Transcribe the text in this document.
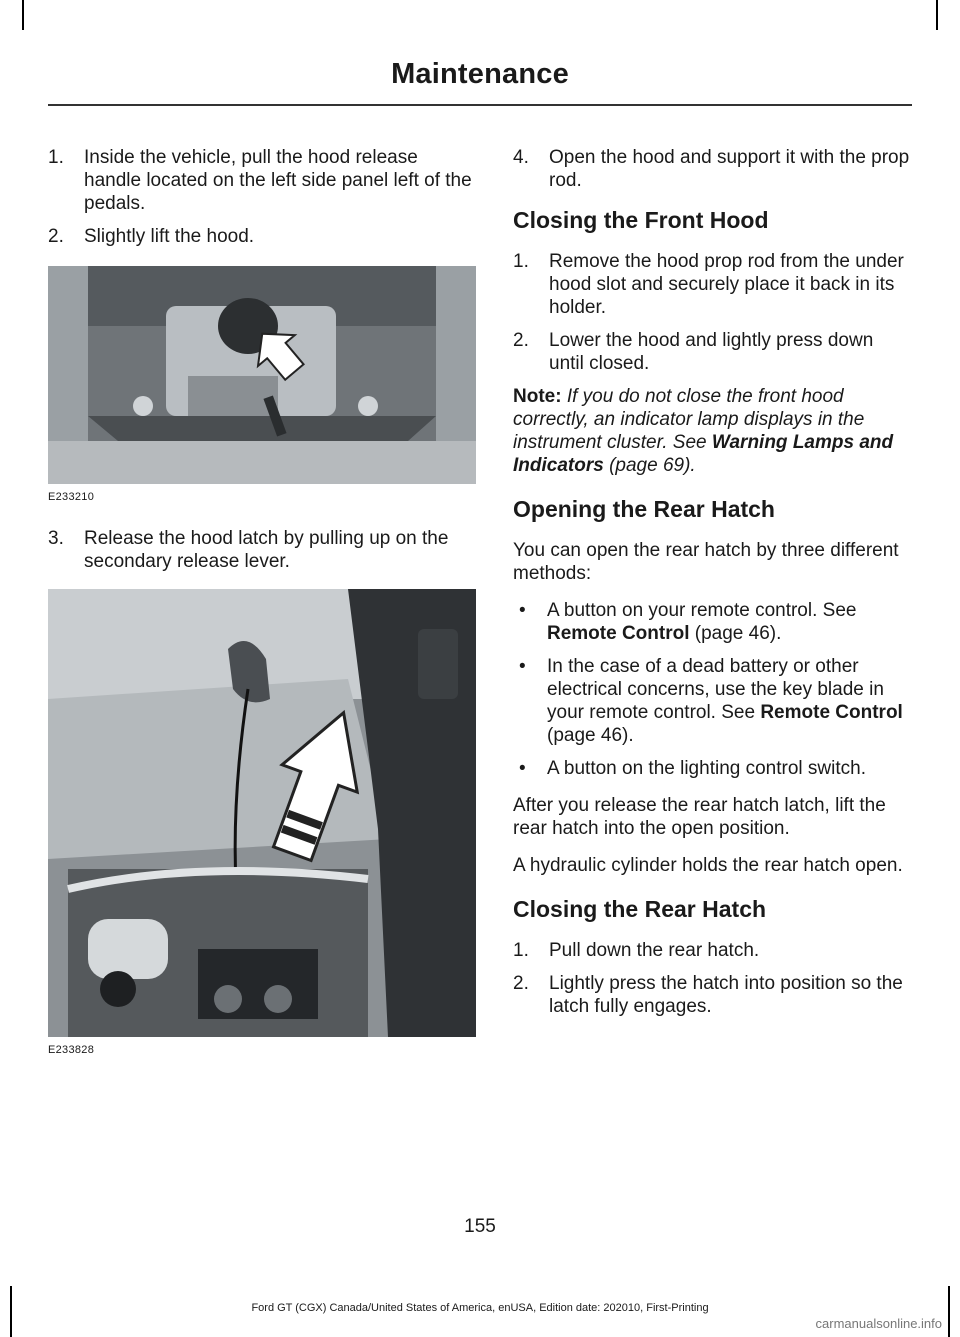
Maintenance
1. Inside the vehicle, pull the hood release handle located on the left side panel left of the pedals.
2. Slightly lift the hood.
E233210
3. Release the hood latch by pulling up on the secondary release lever.
E233828
4. Open the hood and support it with the prop rod.
Closing the Front Hood
1. Remove the hood prop rod from the under hood slot and securely place it back in its holder.
2. Lower the hood and lightly press down until closed.
Note: If you do not close the front hood correctly, an indicator lamp displays in the instrument cluster. See Warning Lamps and Indicators (page 69).
Opening the Rear Hatch
You can open the rear hatch by three different methods:
• A button on your remote control. See Remote Control (page 46).
• In the case of a dead battery or other electrical concerns, use the key blade in your remote control. See Remote Control (page 46).
• A button on the lighting control switch.
After you release the rear hatch latch, lift the rear hatch into the open position.
A hydraulic cylinder holds the rear hatch open.
Closing the Rear Hatch
1. Pull down the rear hatch.
2. Lightly press the hatch into position so the latch fully engages.
155
Ford GT (CGX) Canada/United States of America, enUSA, Edition date: 202010, First-Printing
carmanualsonline.info
